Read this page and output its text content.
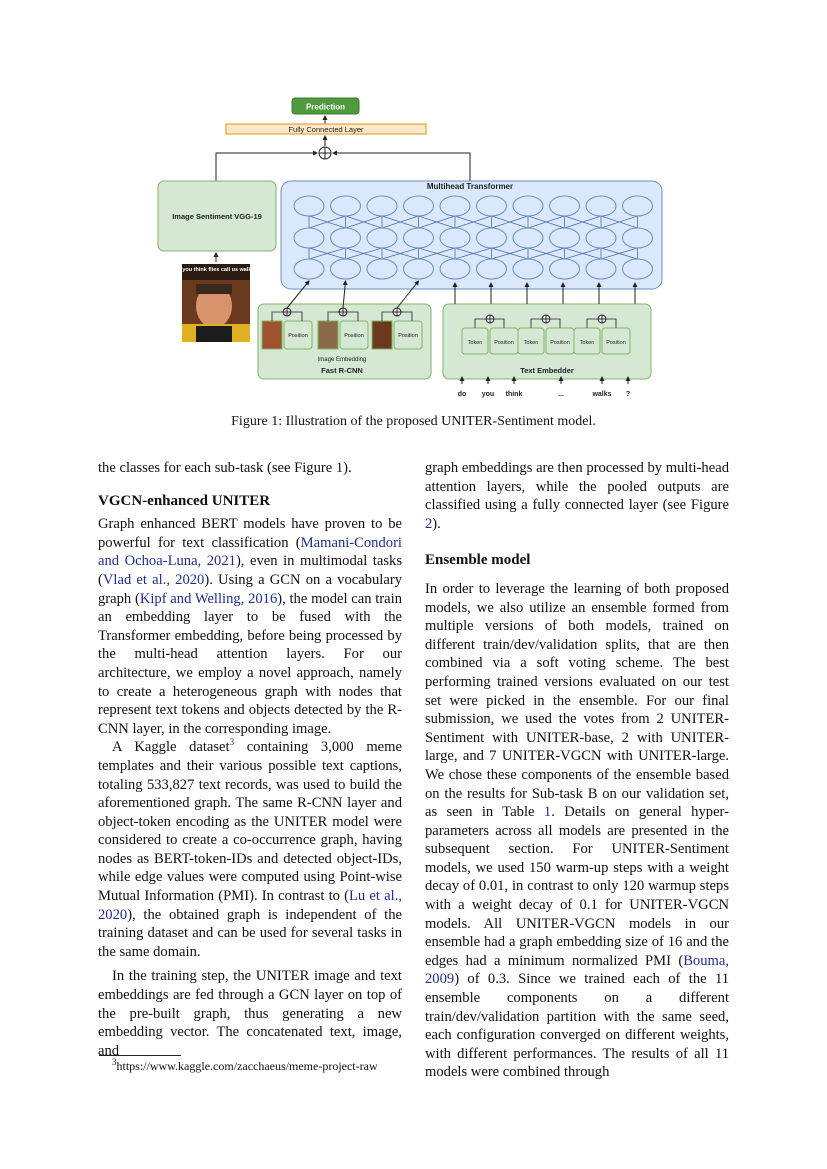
Prediction
Fully Connected Layer
Image Sentiment VGG-19
"do you think flies call us walks?"
Multihead Transformer
Image Embedding
Fast R-CNN
Position	Position	Position
Text Embedder
Token Position Token Position Token Position
do you think	...	walks ?
Figure 1: Illustration of the proposed UNITER-Sentiment model.

the classes for each sub-task (see Figure 1).

VGCN-enhanced UNITER

Graph enhanced BERT models have proven to be powerful for text classification (Mamani-Condori and Ochoa-Luna, 2021), even in multimodal tasks (Vlad et al., 2020). Using a GCN on a vocabulary graph (Kipf and Welling, 2016), the model can train an embedding layer to be fused with the Transformer embedding, before being processed by the multi-head attention layers. For our architecture, we employ a novel approach, namely to create a heterogeneous graph with nodes that represent text tokens and objects detected by the R-CNN layer, in the corresponding image.

A Kaggle dataset$^3$ containing 3,000 meme templates and their various possible text captions, totaling 533,827 text records, was used to build the aforementioned graph. The same R-CNN layer and object-token encoding as the UNITER model were considered to create a co-occurrence graph, having nodes as BERT-token-IDs and detected object-IDs, while edge values were computed using Point-wise Mutual Information (PMI). In contrast to (Lu et al., 2020), the obtained graph is independent of the training dataset and can be used for several tasks in the same domain.

In the training step, the UNITER image and text embeddings are fed through a GCN layer on top of the pre-built graph, thus generating a new embedding vector. The concatenated text, image, and

$^3$https://www.kaggle.com/zacchaeus/meme-project-raw

graph embeddings are then processed by multi-head attention layers, while the pooled outputs are classified using a fully connected layer (see Figure 2).

Ensemble model

In order to leverage the learning of both proposed models, we also utilize an ensemble formed from multiple versions of both models, trained on different train/dev/validation splits, that are then combined via a soft voting scheme. The best performing trained versions evaluated on our test set were picked in the ensemble. For our final submission, we used the votes from 2 UNITER-Sentiment with UNITER-base, 2 with UNITER-large, and 7 UNITER-VGCN with UNITER-large. We chose these components of the ensemble based on the results for Sub-task B on our validation set, as seen in Table 1. Details on general hyper-parameters across all models are presented in the subsequent section. For UNITER-Sentiment models, we used 150 warm-up steps with a weight decay of 0.01, in contrast to only 120 warmup steps with a weight decay of 0.1 for UNITER-VGCN models. All UNITER-VGCN models in our ensemble had a graph embedding size of 16 and the edges had a minimum normalized PMI (Bouma, 2009) of 0.3. Since we trained each of the 11 ensemble components on a different train/dev/validation partition with the same seed, each configuration converged on different weights, with different performances. The results of all 11 models were combined through
